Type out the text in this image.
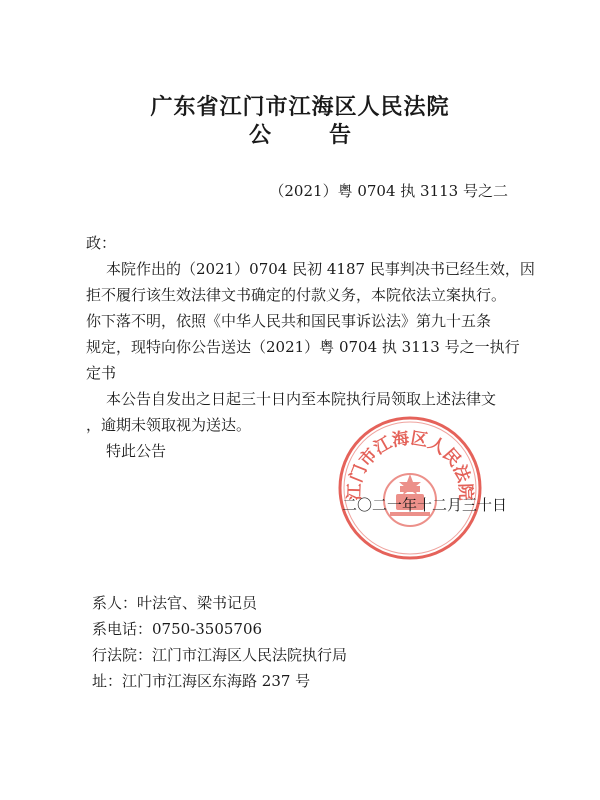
广东省江门市江海区人民法院
公　告
（2021）粤 0704 执 3113 号之二
政：
本院作出的（2021）0704 民初 4187 民事判决书已经生效，因
拒不履行该生效法律文书确定的付款义务，本院依法立案执行。
你下落不明，依照《中华人民共和国民事诉讼法》第九十五条
规定，现特向你公告送达（2021）粤 0704 执 3113 号之一执行
定书
本公告自发出之日起三十日内至本院执行局领取上述法律文
，逾期未领取视为送达。
特此公告
江门市江海区人民法院
二〇二一年十二月三十日
系人：叶法官、梁书记员
系电话：0750-3505706
行法院：江门市江海区人民法院执行局
址：江门市江海区东海路 237 号
